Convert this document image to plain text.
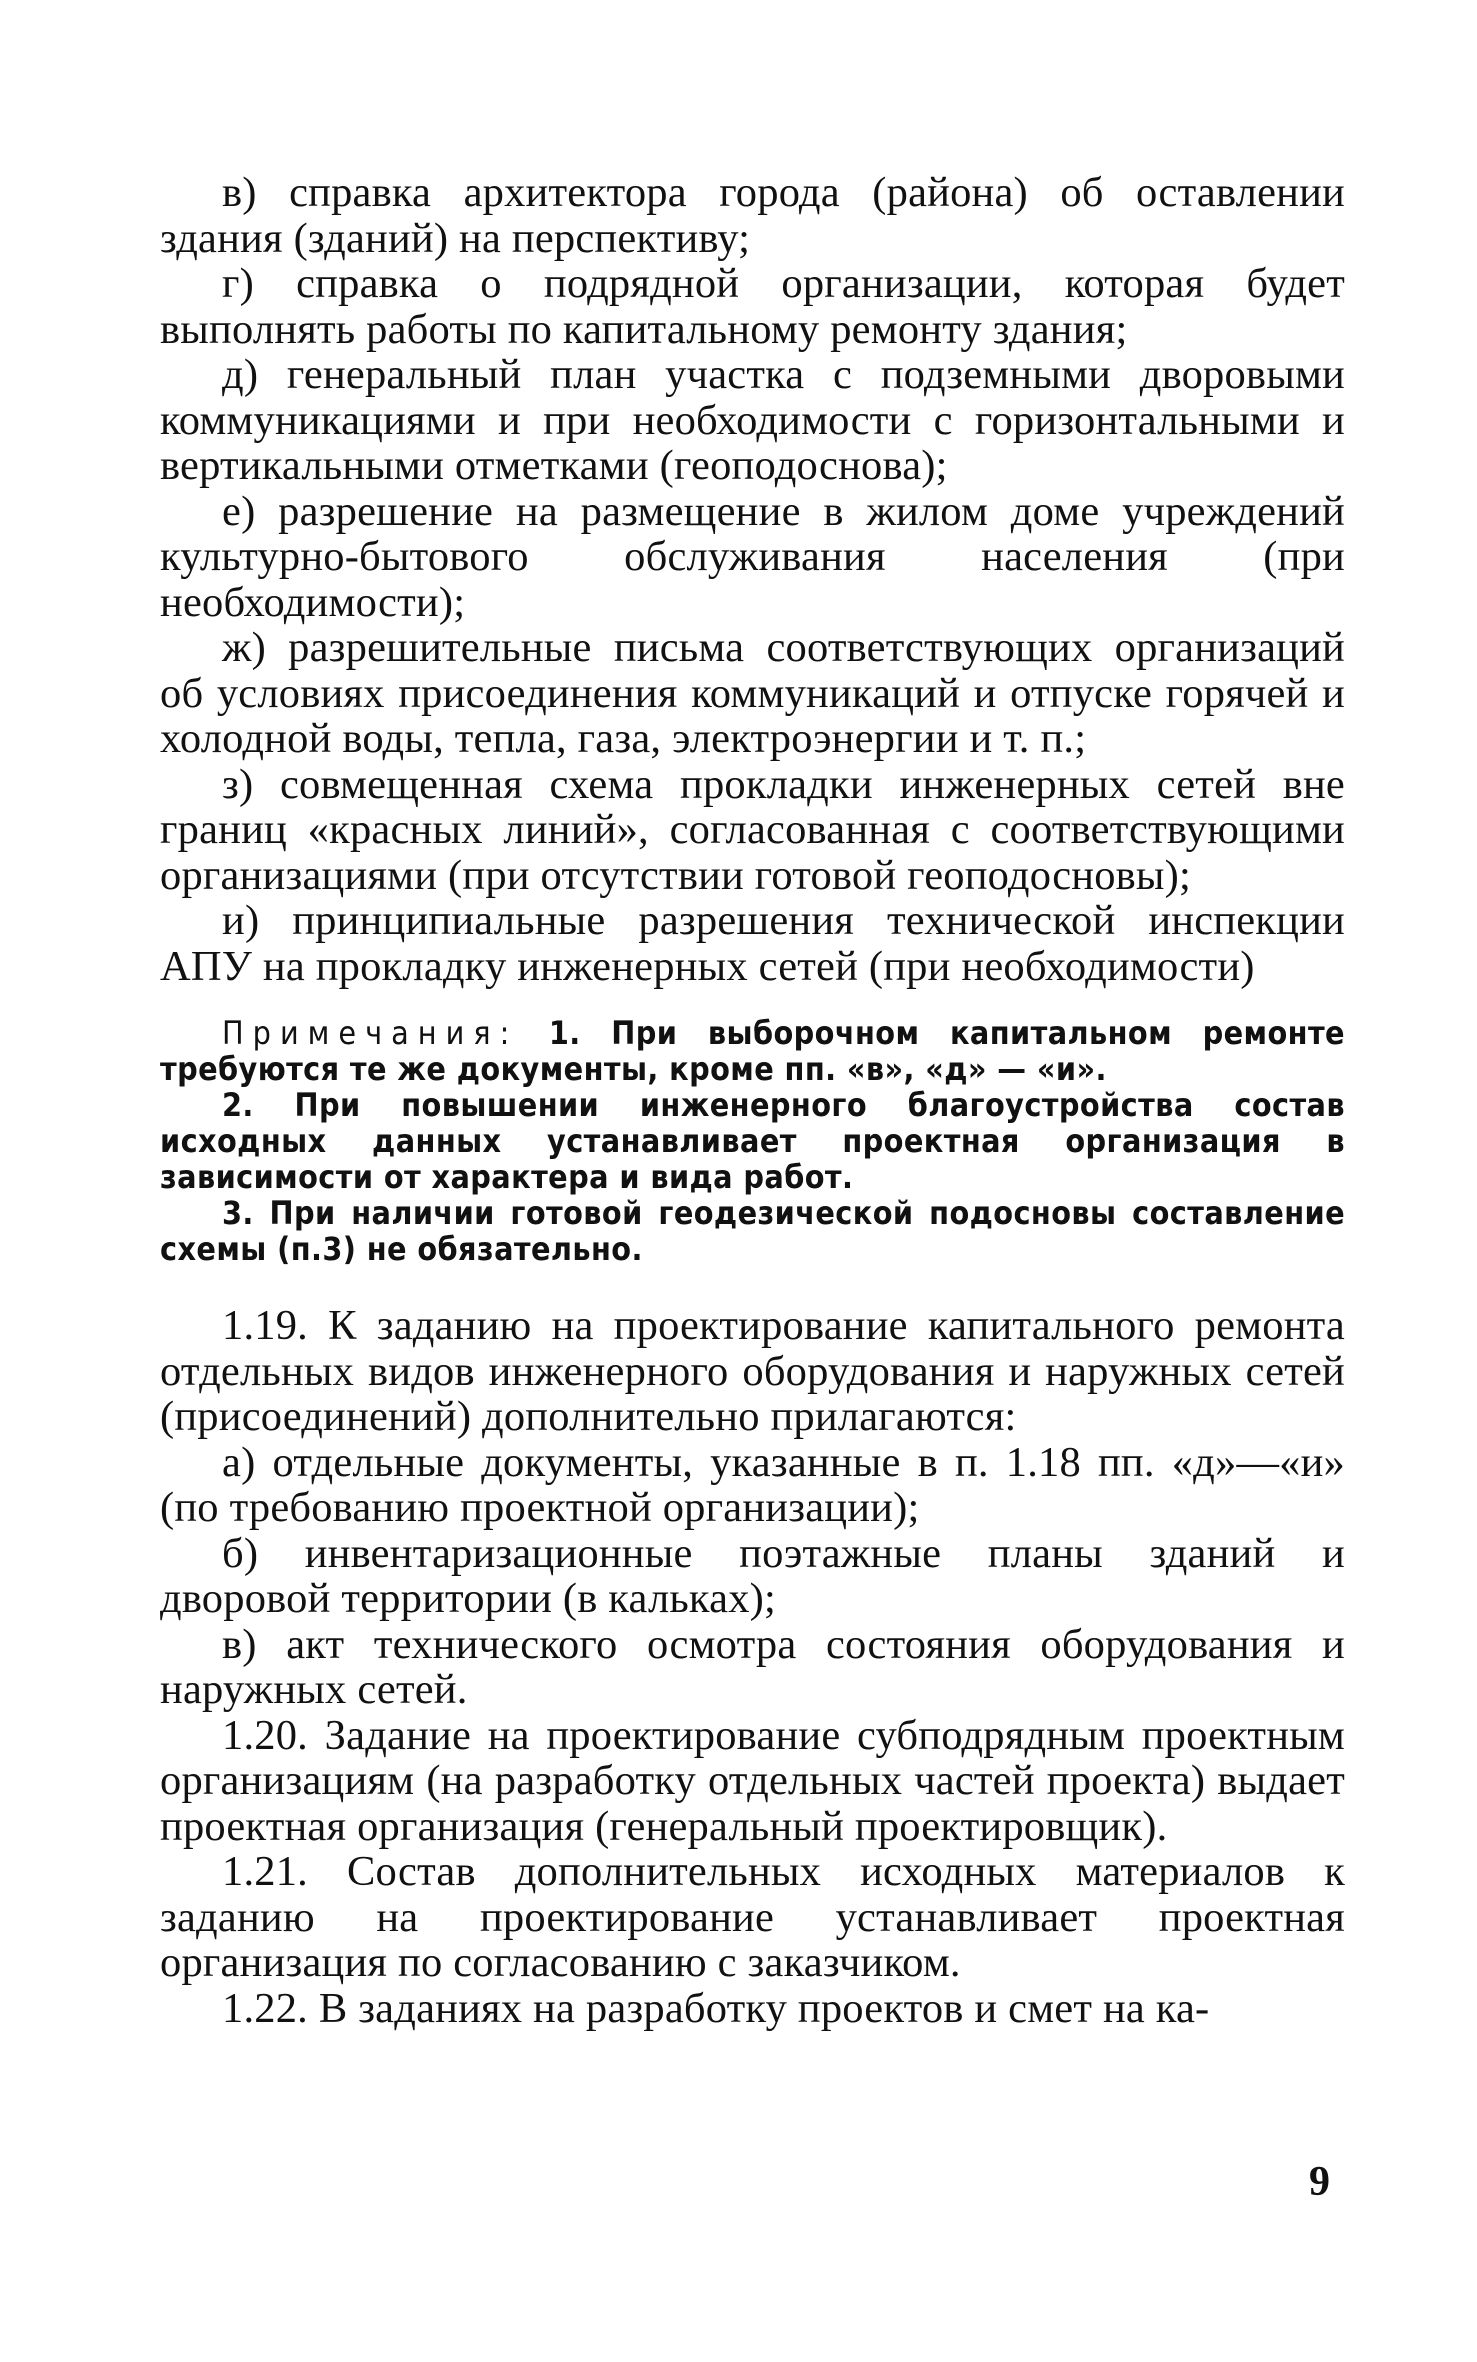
в) справка архитектора города (района) об оставлении здания (зданий) на перспективу;

г) справка о подрядной организации, которая будет выполнять работы по капитальному ремонту здания;

д) генеральный план участка с подземными дворовыми коммуникациями и при необходимости с горизонтальными и вертикальными отметками (геоподоснова);

е) разрешение на размещение в жилом доме учреждений культурно-бытового обслуживания населения (при необходимости);

ж) разрешительные письма соответствующих организаций об условиях присоединения коммуникаций и отпуске горячей и холодной воды, тепла, газа, электроэнергии и т. п.;

з) совмещенная схема прокладки инженерных сетей вне границ «красных линий», согласованная с соответствующими организациями (при отсутствии готовой геоподосновы);

и) принципиальные разрешения технической инспекции АПУ на прокладку инженерных сетей (при необходимости)

Примечания: 1. При выборочном капитальном ремонте требуются те же документы, кроме пп. «в», «д» — «и».

2. При повышении инженерного благоустройства состав исходных данных устанавливает проектная организация в зависимости от характера и вида работ.

3. При наличии готовой геодезической подосновы составление схемы (п.3) не обязательно.

1.19. К заданию на проектирование капитального ремонта отдельных видов инженерного оборудования и наружных сетей (присоединений) дополнительно прилагаются:

а) отдельные документы, указанные в п. 1.18 пп. «д»—«и» (по требованию проектной организации);

б) инвентаризационные поэтажные планы зданий и дворовой территории (в кальках);

в) акт технического осмотра состояния оборудования и наружных сетей.

1.20. Задание на проектирование субподрядным проектным организациям (на разработку отдельных частей проекта) выдает проектная организация (генеральный проектировщик).

1.21. Состав дополнительных исходных материалов к заданию на проектирование устанавливает проектная организация по согласованию с заказчиком.

1.22. В заданиях на разработку проектов и смет на ка-

9
